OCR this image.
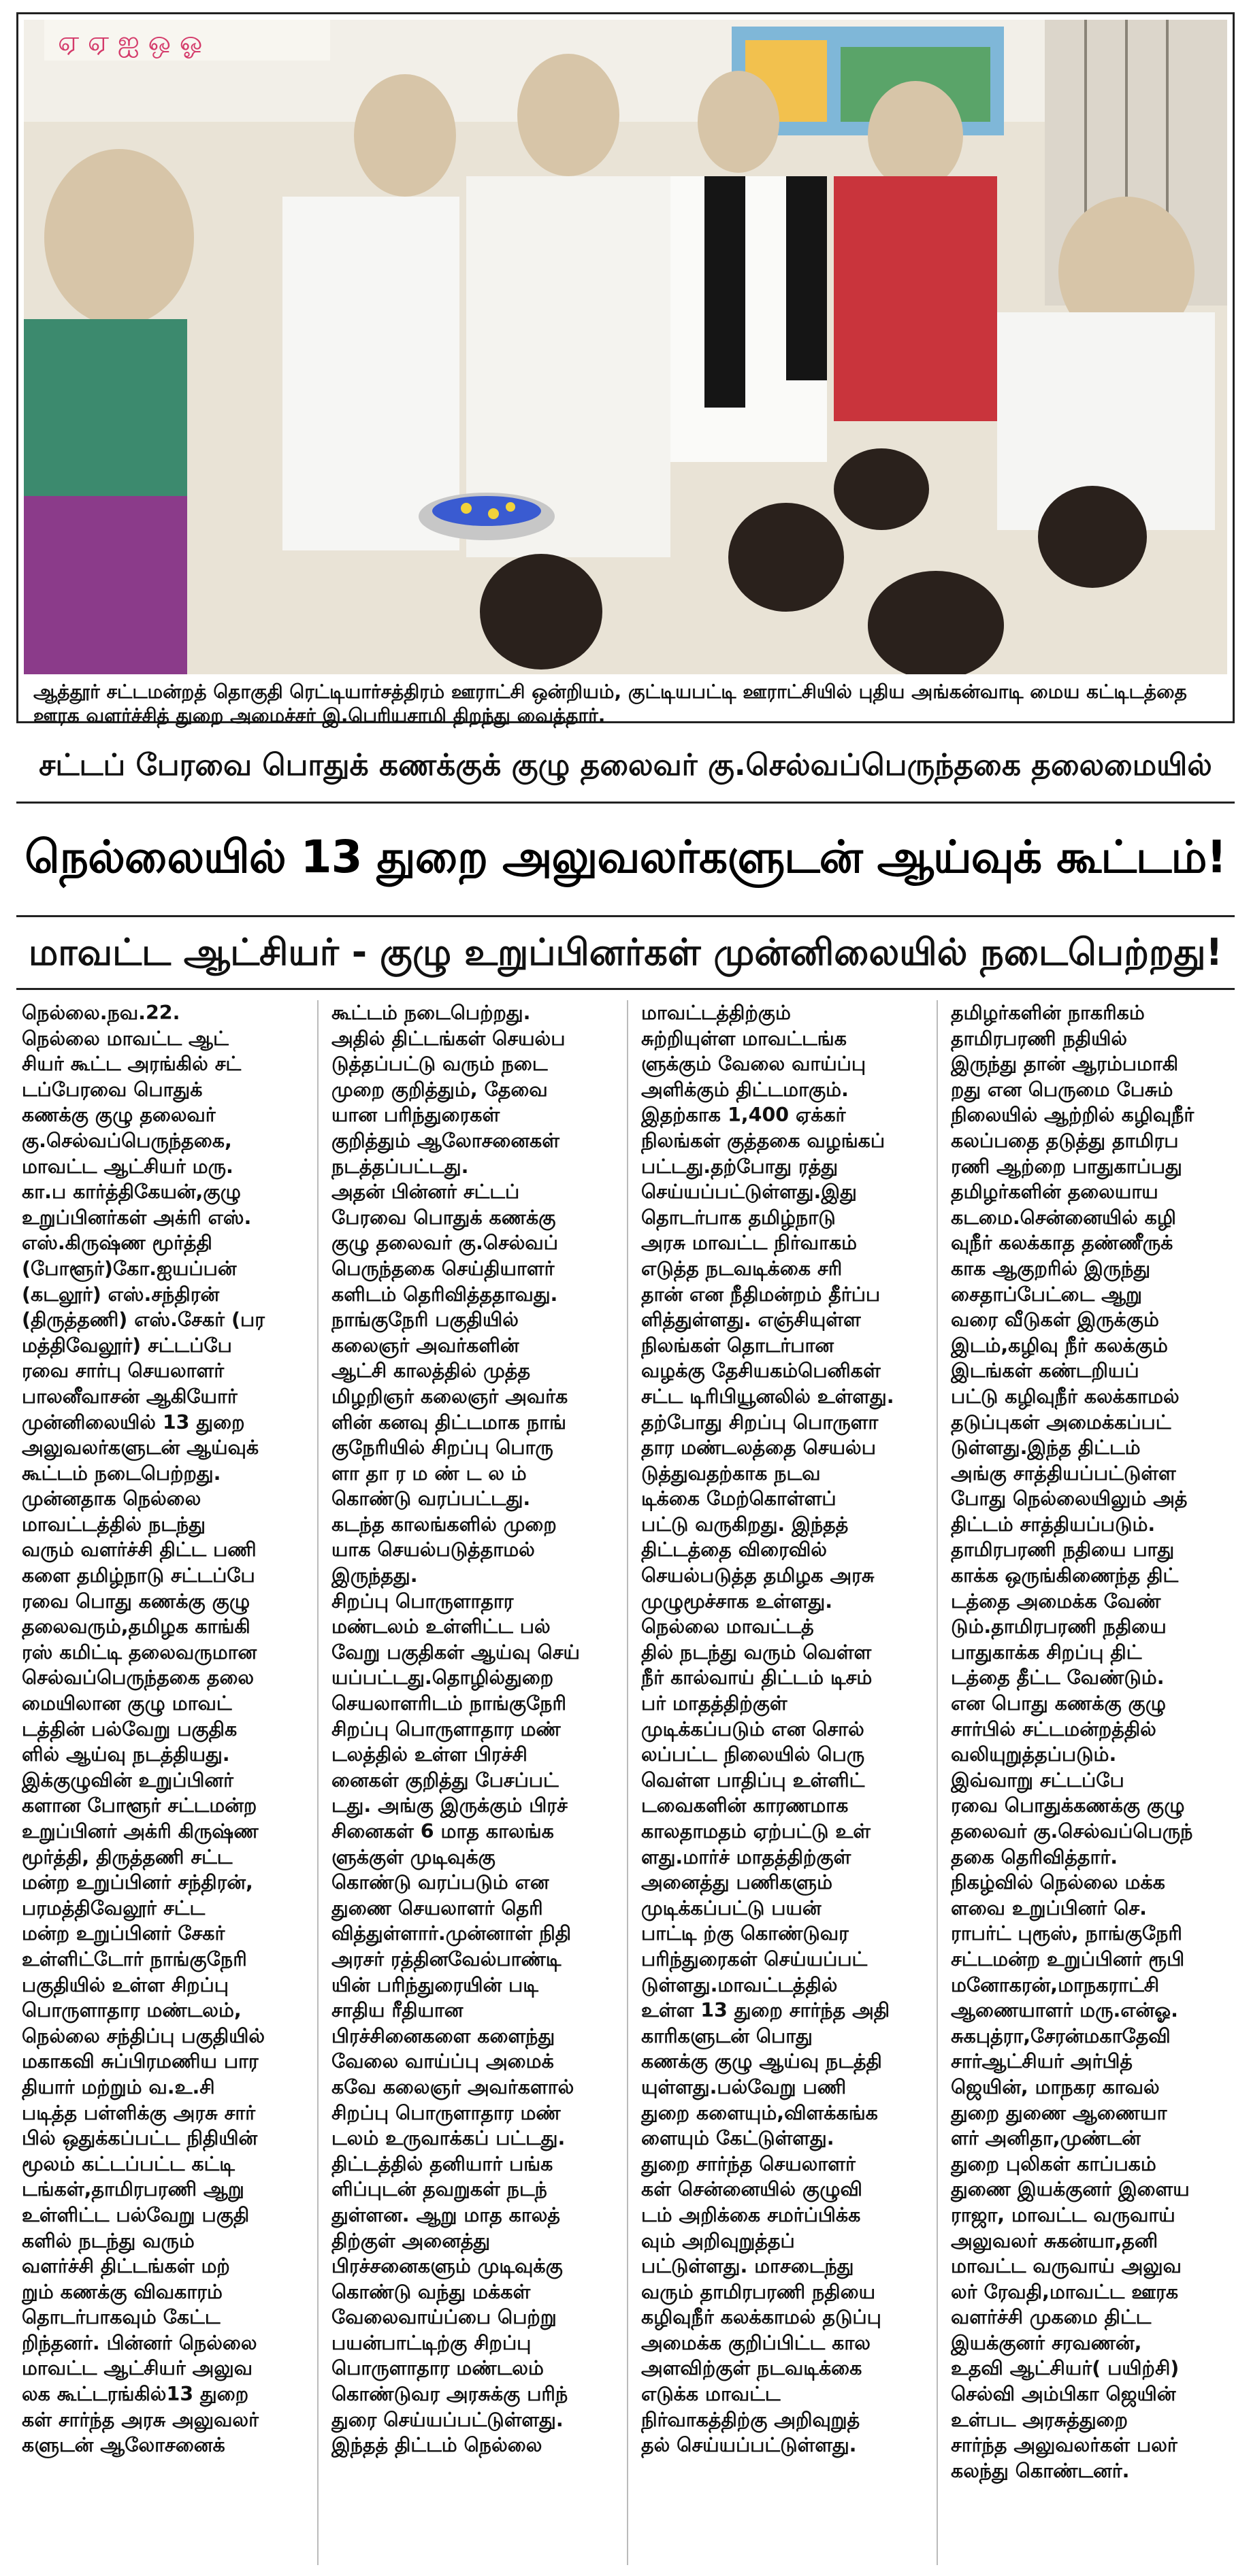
ஏ ஏ ஐ ஒ ஓ
ஆத்தூர் சட்டமன்றத் தொகுதி ரெட்டியார்சத்திரம் ஊராட்சி ஒன்றியம், குட்டியபட்டி ஊராட்சியில் புதிய அங்கன்வாடி மைய கட்டிடத்தை ஊரக வளர்ச்சித் துறை அமைச்சர் இ.பெரியசாமி திறந்து வைத்தார்.
சட்டப் பேரவை பொதுக் கணக்குக் குழு தலைவர் கு.செல்வப்பெருந்தகை தலைமையில்
நெல்லையில் 13 துறை அலுவலர்களுடன் ஆய்வுக் கூட்டம்!
மாவட்ட ஆட்சியர் - குழு உறுப்பினர்கள் முன்னிலையில் நடைபெற்றது!
நெல்லை.நவ.22.
நெல்லை மாவட்ட ஆட்
சியர் கூட்ட அரங்கில் சட்
டப்பேரவை பொதுக்
கணக்கு குழு தலைவர்
கு.செல்வப்பெருந்தகை,
மாவட்ட ஆட்சியர் மரு.
கா.ப கார்த்திகேயன்,குழு
உறுப்பினர்கள் அக்ரி எஸ்.
எஸ்.கிருஷ்ண மூர்த்தி
(போளூர்)கோ.ஐயப்பன்
(கடலூர்) எஸ்.சந்திரன்
(திருத்தணி) எஸ்.சேகர் (பர
மத்திவேலூர்) சட்டப்பே
ரவை சார்பு செயலாளர்
பாலனீவாசன் ஆகியோர்
முன்னிலையில் 13 துறை
அலுவலர்களுடன் ஆய்வுக்
கூட்டம் நடைபெற்றது.
முன்னதாக நெல்லை
மாவட்டத்தில் நடந்து
வரும் வளர்ச்சி திட்ட பணி
களை தமிழ்நாடு சட்டப்பே
ரவை பொது கணக்கு குழு
தலைவரும்,தமிழக காங்கி
ரஸ் கமிட்டி தலைவருமான
செல்வப்பெருந்தகை தலை
மையிலான குழு மாவட்
டத்தின் பல்வேறு பகுதிக
ளில் ஆய்வு நடத்தியது.
இக்குழுவின் உறுப்பினர்
களான போளூர் சட்டமன்ற
உறுப்பினர் அக்ரி கிருஷ்ண
மூர்த்தி, திருத்தணி சட்ட
மன்ற உறுப்பினர் சந்திரன்,
பரமத்திவேலூர் சட்ட
மன்ற உறுப்பினர் சேகர்
உள்ளிட்டோர் நாங்குநேரி
பகுதியில் உள்ள சிறப்பு
பொருளாதார மண்டலம்,
நெல்லை சந்திப்பு பகுதியில்
மகாகவி சுப்பிரமணிய பார
தியார் மற்றும் வ.உ.சி
படித்த பள்ளிக்கு அரசு சார்
பில் ஒதுக்கப்பட்ட நிதியின்
மூலம் கட்டப்பட்ட கட்டி
டங்கள்,தாமிரபரணி ஆறு
உள்ளிட்ட பல்வேறு பகுதி
களில் நடந்து வரும்
வளர்ச்சி திட்டங்கள் மற்
றும் கணக்கு விவகாரம்
தொடர்பாகவும் கேட்ட
றிந்தனர். பின்னர் நெல்லை
மாவட்ட ஆட்சியர் அலுவ
லக கூட்டரங்கில்13 துறை
கள் சார்ந்த அரசு அலுவலர்
களுடன் ஆலோசனைக்
கூட்டம் நடைபெற்றது.
அதில் திட்டங்கள் செயல்ப
டுத்தப்பட்டு வரும் நடை
முறை குறித்தும், தேவை
யான பரிந்துரைகள்
குறித்தும் ஆலோசனைகள்
நடத்தப்பட்டது.
அதன் பின்னர் சட்டப்
பேரவை பொதுக் கணக்கு
குழு தலைவர் கு.செல்வப்
பெருந்தகை செய்தியாளர்
களிடம் தெரிவித்ததாவது.
நாங்குநேரி பகுதியில்
கலைஞர் அவர்களின்
ஆட்சி காலத்தில் முத்த
மிழறிஞர் கலைஞர் அவர்க
ளின் கனவு திட்டமாக நாங்
குநேரியில் சிறப்பு பொரு
ளா தா ர ம ண் ட ல ம்
கொண்டு வரப்பட்டது.
கடந்த காலங்களில் முறை
யாக செயல்படுத்தாமல்
இருந்தது.
சிறப்பு பொருளாதார
மண்டலம் உள்ளிட்ட பல்
வேறு பகுதிகள் ஆய்வு செய்
யப்பட்டது.தொழில்துறை
செயலாளரிடம் நாங்குநேரி
சிறப்பு பொருளாதார மண்
டலத்தில் உள்ள பிரச்சி
னைகள் குறித்து பேசப்பட்
டது. அங்கு இருக்கும் பிரச்
சினைகள் 6 மாத காலங்க
ளுக்குள் முடிவுக்கு
கொண்டு வரப்படும் என
துணை செயலாளர் தெரி
வித்துள்ளார்.முன்னாள் நிதி
அரசர் ரத்தினவேல்பாண்டி
யின் பரிந்துரையின் படி
சாதிய ரீதியான
பிரச்சினைகளை களைந்து
வேலை வாய்ப்பு அமைக்
கவே கலைஞர் அவர்களால்
சிறப்பு பொருளாதார மண்
டலம் உருவாக்கப் பட்டது.
திட்டத்தில் தனியார் பங்க
ளிப்புடன் தவறுகள் நடந்
துள்ளன. ஆறு மாத காலத்
திற்குள் அனைத்து
பிரச்சனைகளும் முடிவுக்கு
கொண்டு வந்து மக்கள்
வேலைவாய்ப்பை பெற்று
பயன்பாட்டிற்கு சிறப்பு
பொருளாதார மண்டலம்
கொண்டுவர அரசுக்கு பரிந்
துரை செய்யப்பட்டுள்ளது.
இந்தத் திட்டம் நெல்லை
மாவட்டத்திற்கும்
சுற்றியுள்ள மாவட்டங்க
ளுக்கும் வேலை வாய்ப்பு
அளிக்கும் திட்டமாகும்.
இதற்காக 1,400 ஏக்கர்
நிலங்கள் குத்தகை வழங்கப்
பட்டது.தற்போது ரத்து
செய்யப்பட்டுள்ளது.இது
தொடர்பாக தமிழ்நாடு
அரசு மாவட்ட நிர்வாகம்
எடுத்த நடவடிக்கை சரி
தான் என நீதிமன்றம் தீர்ப்ப
ளித்துள்ளது. எஞ்சியுள்ள
நிலங்கள் தொடர்பான
வழக்கு தேசியகம்பெனிகள்
சட்ட டிரிபியூனலில் உள்ளது.
தற்போது சிறப்பு பொருளா
தார மண்டலத்தை செயல்ப
டுத்துவதற்காக நடவ
டிக்கை மேற்கொள்ளப்
பட்டு வருகிறது. இந்தத்
திட்டத்தை விரைவில்
செயல்படுத்த தமிழக அரசு
முழுமூச்சாக உள்ளது.
நெல்லை மாவட்டத்
தில் நடந்து வரும் வெள்ள
நீர் கால்வாய் திட்டம் டிசம்
பர் மாதத்திற்குள்
முடிக்கப்படும் என சொல்
லப்பட்ட நிலையில் பெரு
வெள்ள பாதிப்பு உள்ளிட்
டவைகளின் காரணமாக
காலதாமதம் ஏற்பட்டு உள்
ளது.மார்ச் மாதத்திற்குள்
அனைத்து பணிகளும்
முடிக்கப்பட்டு பயன்
பாட்டி ற்கு கொண்டுவர
பரிந்துரைகள் செய்யப்பட்
டுள்ளது.மாவட்டத்தில்
உள்ள 13 துறை சார்ந்த அதி
காரிகளுடன் பொது
கணக்கு குழு ஆய்வு நடத்தி
யுள்ளது.பல்வேறு பணி
துறை களையும்,விளக்கங்க
ளையும் கேட்டுள்ளது.
துறை சார்ந்த செயலாளர்
கள் சென்னையில் குழுவி
டம் அறிக்கை சமர்ப்பிக்க
வும் அறிவுறுத்தப்
பட்டுள்ளது. மாசடைந்து
வரும் தாமிரபரணி நதியை
கழிவுநீர் கலக்காமல் தடுப்பு
அமைக்க குறிப்பிட்ட கால
அளவிற்குள் நடவடிக்கை
எடுக்க மாவட்ட
நிர்வாகத்திற்கு அறிவுறுத்
தல் செய்யப்பட்டுள்ளது.
தமிழர்களின் நாகரிகம்
தாமிரபரணி நதியில்
இருந்து தான் ஆரம்பமாகி
றது என பெருமை பேசும்
நிலையில் ஆற்றில் கழிவுநீர்
கலப்பதை தடுத்து தாமிரப
ரணி ஆற்றை பாதுகாப்பது
தமிழர்களின் தலையாய
கடமை.சென்னையில் கழி
வுநீர் கலக்காத தண்ணீருக்
காக ஆகுறரில் இருந்து
சைதாப்பேட்டை ஆறு
வரை வீடுகள் இருக்கும்
இடம்,கழிவு நீர் கலக்கும்
இடங்கள் கண்டறியப்
பட்டு கழிவுநீர் கலக்காமல்
தடுப்புகள் அமைக்கப்பட்
டுள்ளது.இந்த திட்டம்
அங்கு சாத்தியப்பட்டுள்ள
போது நெல்லையிலும் அத்
திட்டம் சாத்தியப்படும்.
தாமிரபரணி நதியை பாது
காக்க ஒருங்கிணைந்த திட்
டத்தை அமைக்க வேண்
டும்.தாமிரபரணி நதியை
பாதுகாக்க சிறப்பு திட்
டத்தை தீட்ட வேண்டும்.
என பொது கணக்கு குழு
சார்பில் சட்டமன்றத்தில்
வலியுறுத்தப்படும்.
இவ்வாறு சட்டப்பே
ரவை பொதுக்கணக்கு குழு
தலைவர் கு.செல்வப்பெருந்
தகை தெரிவித்தார்.
நிகழ்வில் நெல்லை மக்க
ளவை உறுப்பினர் செ.
ராபர்ட் புரூஸ், நாங்குநேரி
சட்டமன்ற உறுப்பினர் ரூபி
மனோகரன்,மாநகராட்சி
ஆணையாளர் மரு.என்ஓ.
சுகபுத்ரா,சேரன்மகாதேவி
சார்ஆட்சியர் அர்பித்
ஜெயின், மாநகர காவல்
துறை துணை ஆணையா
ளர் அனிதா,முண்டன்
துறை புலிகள் காப்பகம்
துணை இயக்குனர் இளைய
ராஜா, மாவட்ட வருவாய்
அலுவலர் சுகன்யா,தனி
மாவட்ட வருவாய் அலுவ
லர் ரேவதி,மாவட்ட ஊரக
வளர்ச்சி முகமை திட்ட
இயக்குனர் சரவணன்,
உதவி ஆட்சியர்( பயிற்சி)
செல்வி அம்பிகா ஜெயின்
உள்பட அரசுத்துறை
சார்ந்த அலுவலர்கள் பலர்
கலந்து கொண்டனர்.
